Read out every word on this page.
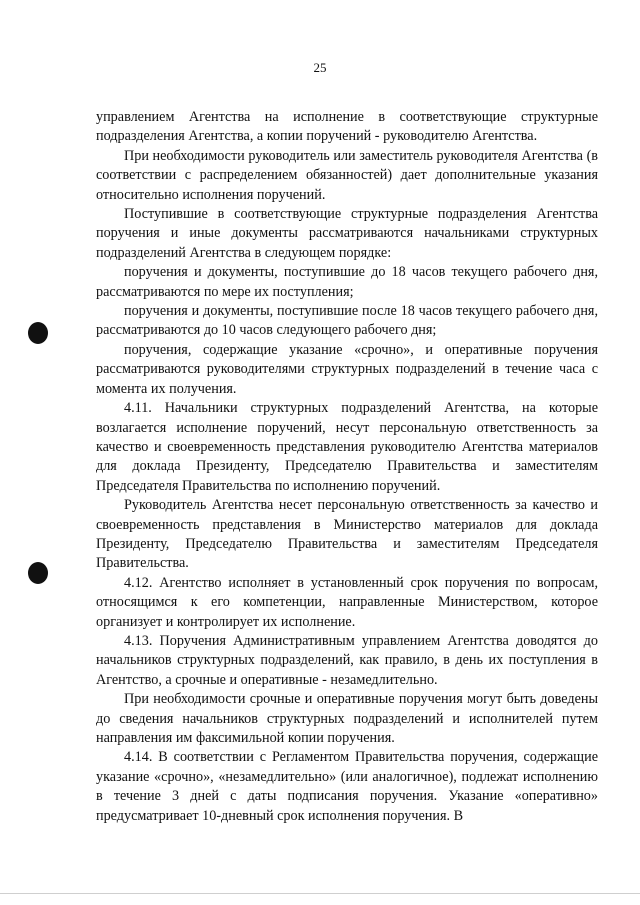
25

управлением Агентства на исполнение в соответствующие структурные подразделения Агентства, а копии поручений - руководителю Агентства.

При необходимости руководитель или заместитель руководителя Агентства (в соответствии с распределением обязанностей) дает дополнительные указания относительно исполнения поручений.

Поступившие в соответствующие структурные подразделения Агентства поручения и иные документы рассматриваются начальниками структурных подразделений Агентства в следующем порядке:

поручения и документы, поступившие до 18 часов текущего рабочего дня, рассматриваются по мере их поступления;

поручения и документы, поступившие после 18 часов текущего рабочего дня, рассматриваются до 10 часов следующего рабочего дня;

поручения, содержащие указание «срочно», и оперативные поручения рассматриваются руководителями структурных подразделений в течение часа с момента их получения.

4.11. Начальники структурных подразделений Агентства, на которые возлагается исполнение поручений, несут персональную ответственность за качество и своевременность представления руководителю Агентства материалов для доклада Президенту, Председателю Правительства и заместителям Председателя Правительства по исполнению поручений.

Руководитель Агентства несет персональную ответственность за качество и своевременность представления в Министерство материалов для доклада Президенту, Председателю Правительства и заместителям Председателя Правительства.

4.12. Агентство исполняет в установленный срок поручения по вопросам, относящимся к его компетенции, направленные Министерством, которое организует и контролирует их исполнение.

4.13. Поручения Административным управлением Агентства доводятся до начальников структурных подразделений, как правило, в день их поступления в Агентство, а срочные и оперативные - незамедлительно.

При необходимости срочные и оперативные поручения могут быть доведены до сведения начальников структурных подразделений и исполнителей путем направления им факсимильной копии поручения.

4.14. В соответствии с Регламентом Правительства поручения, содержащие указание «срочно», «незамедлительно» (или аналогичное), подлежат исполнению в течение 3 дней с даты подписания поручения. Указание «оперативно» предусматривает 10-дневный срок исполнения поручения. В
